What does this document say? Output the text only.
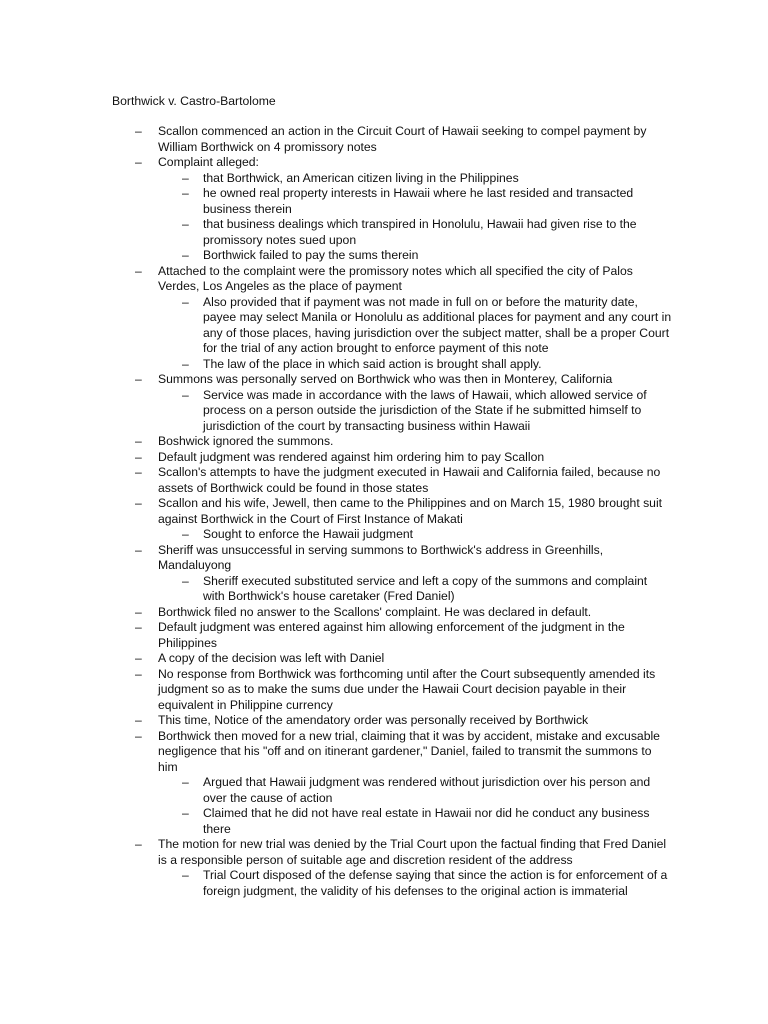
Borthwick v. Castro-Bartolome
–	Scallon commenced an action in the Circuit Court of Hawaii seeking to compel payment by William Borthwick on 4 promissory notes
–	Complaint alleged:
–	that Borthwick, an American citizen living in the Philippines
–	he owned real property interests in Hawaii where he last resided and transacted business therein
–	that business dealings which transpired in Honolulu, Hawaii had given rise to the promissory notes sued upon
–	Borthwick failed to pay the sums therein
–	Attached to the complaint were the promissory notes which all specified the city of Palos Verdes, Los Angeles as the place of payment
–	Also provided that if payment was not made in full on or before the maturity date, payee may select Manila or Honolulu as additional places for payment and any court in any of those places, having jurisdiction over the subject matter, shall be a proper Court for the trial of any action brought to enforce payment of this note
–	The law of the place in which said action is brought shall apply.
–	Summons was personally served on Borthwick who was then in Monterey, California
–	Service was made in accordance with the laws of Hawaii, which allowed service of process on a person outside the jurisdiction of the State if he submitted himself to jurisdiction of the court by transacting business within Hawaii
–	Boshwick ignored the summons.
–	Default judgment was rendered against him ordering him to pay Scallon
–	Scallon's attempts to have the judgment executed in Hawaii and California failed, because no assets of Borthwick could be found in those states
–	Scallon and his wife, Jewell, then came to the Philippines and on March 15, 1980 brought suit against Borthwick in the Court of First Instance of Makati
–	Sought to enforce the Hawaii judgment
–	Sheriff was unsuccessful in serving summons to Borthwick's address in Greenhills, Mandaluyong
–	Sheriff executed substituted service and left a copy of the summons and complaint with Borthwick's house caretaker (Fred Daniel)
–	Borthwick filed no answer to the Scallons' complaint. He was declared in default.
–	Default judgment was entered against him allowing enforcement of the judgment in the Philippines
–	A copy of the decision was left with Daniel
–	No response from Borthwick was forthcoming until after the Court subsequently amended its judgment so as to make the sums due under the Hawaii Court decision payable in their equivalent in Philippine currency
–	This time, Notice of the amendatory order was personally received by Borthwick
–	Borthwick then moved for a new trial, claiming that it was by accident, mistake and excusable negligence that his "off and on itinerant gardener," Daniel, failed to transmit the summons to him
–	Argued that Hawaii judgment was rendered without jurisdiction over his person and over the cause of action
–	Claimed that he did not have real estate in Hawaii nor did he conduct any business there
–	The motion for new trial was denied by the Trial Court upon the factual finding that Fred Daniel is a responsible person of suitable age and discretion resident of the address
–	Trial Court disposed of the defense saying that since the action is for enforcement of a foreign judgment, the validity of his defenses to the original action is immaterial
